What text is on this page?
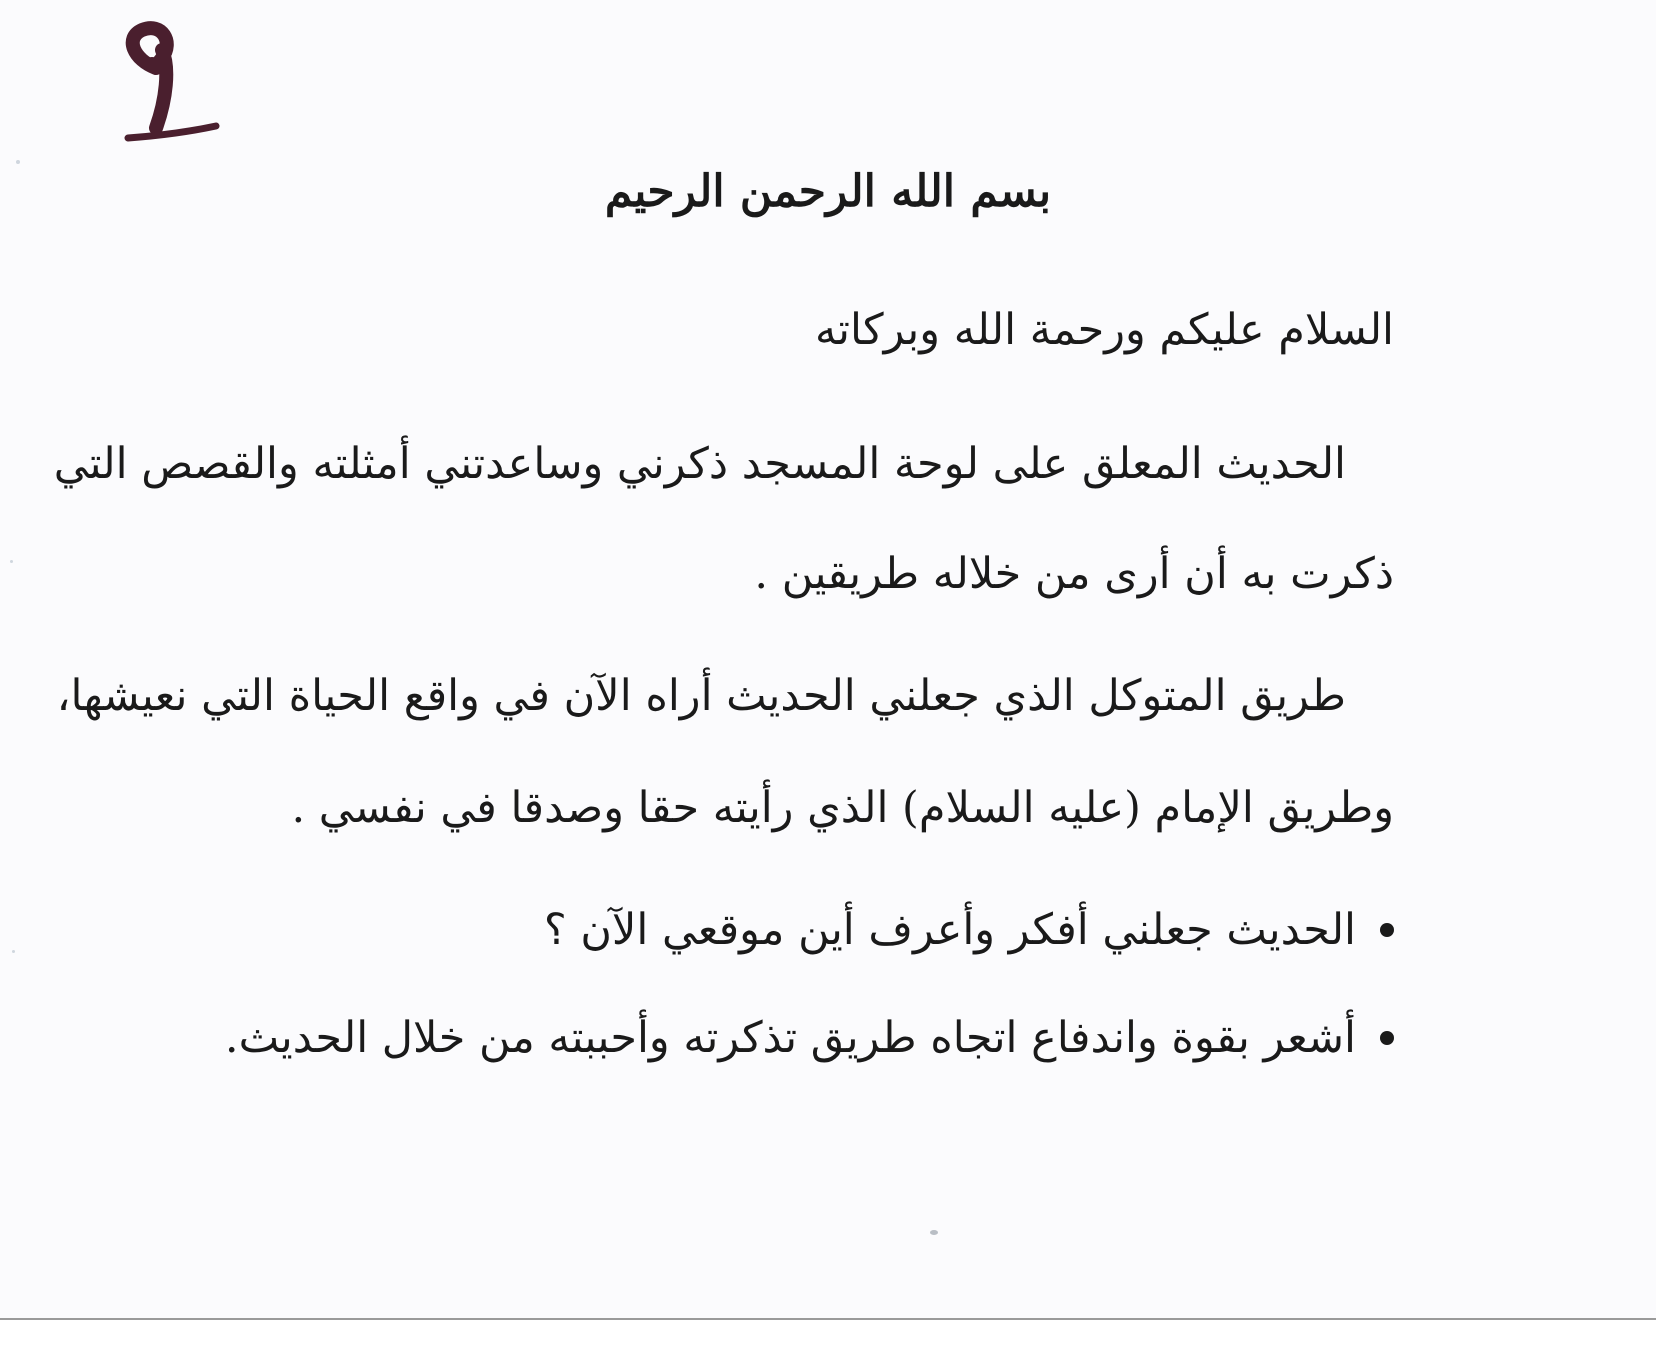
بسم الله الرحمن الرحيم
السلام عليكم ورحمة الله وبركاته
الحديث المعلق على لوحة المسجد ذكرني وساعدتني أمثلته والقصص التي
ذكرت به أن أرى من خلاله طريقين .
طريق المتوكل الذي جعلني الحديث أراه الآن في واقع الحياة التي نعيشها،
وطريق الإمام (عليه السلام) الذي رأيته حقا وصدقا في نفسي .
الحديث جعلني أفكر وأعرف أين موقعي الآن ؟
أشعر بقوة واندفاع اتجاه طريق تذكرته وأحببته من خلال الحديث.
